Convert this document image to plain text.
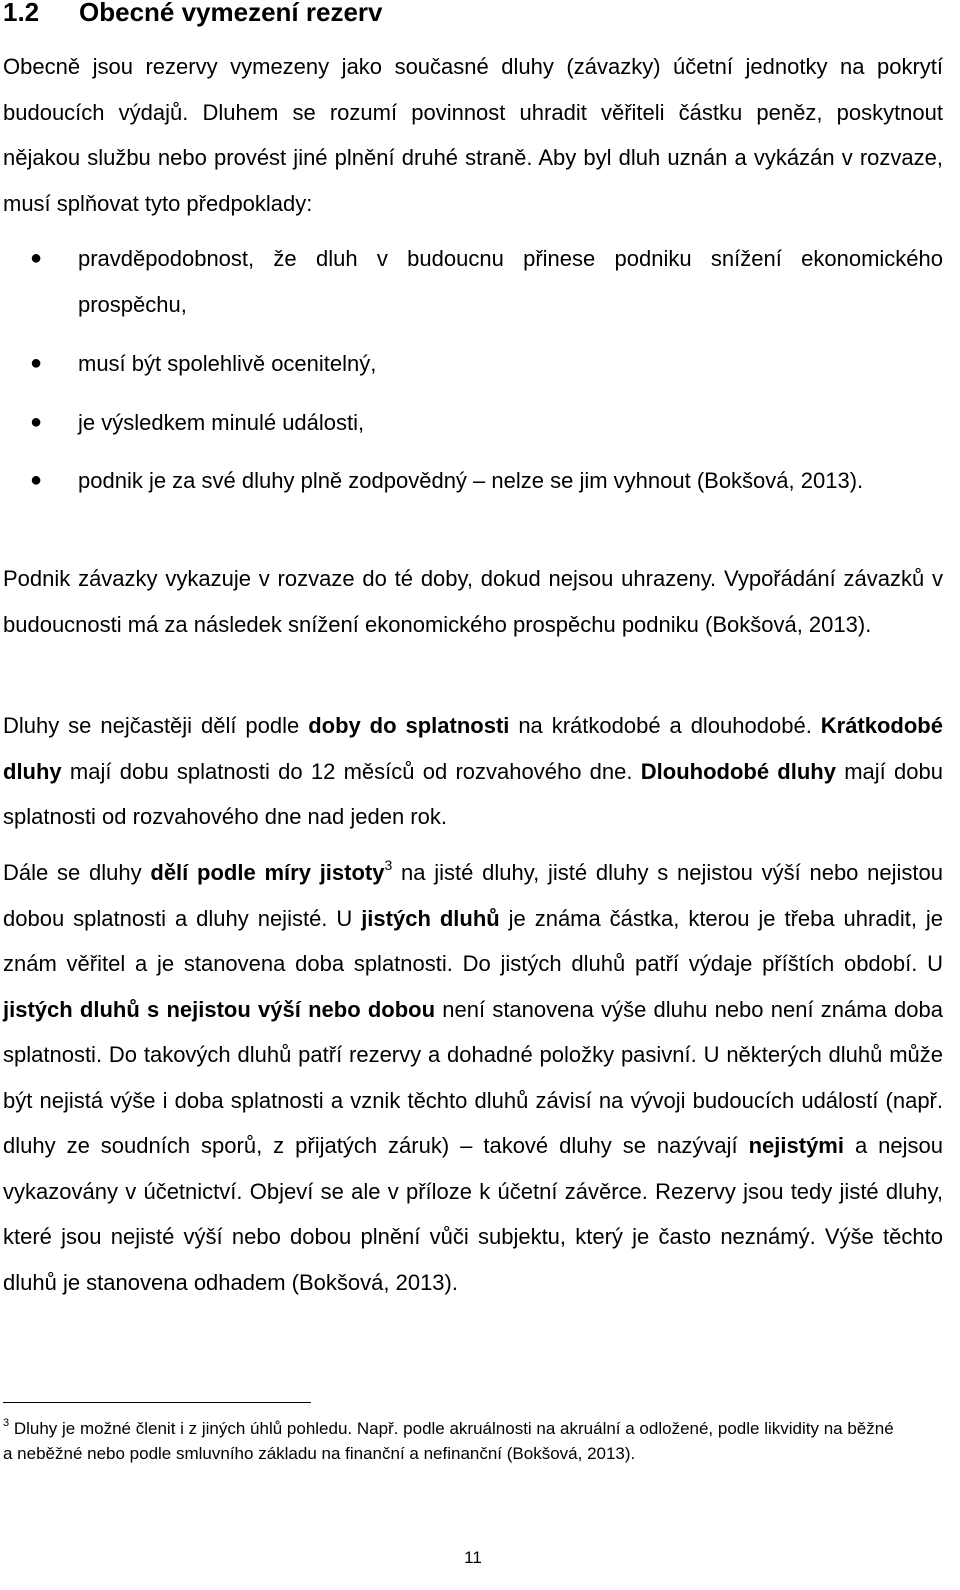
1.2 Obecné vymezení rezerv

Obecně jsou rezervy vymezeny jako současné dluhy (závazky) účetní jednotky na pokrytí budoucích výdajů. Dluhem se rozumí povinnost uhradit věřiteli částku peněz, poskytnout nějakou službu nebo provést jiné plnění druhé straně. Aby byl dluh uznán a vykázán v rozvaze, musí splňovat tyto předpoklady:

● pravděpodobnost, že dluh v budoucnu přinese podniku snížení ekonomického prospěchu,
● musí být spolehlivě ocenitelný,
● je výsledkem minulé události,
● podnik je za své dluhy plně zodpovědný – nelze se jim vyhnout (Bokšová, 2013).

Podnik závazky vykazuje v rozvaze do té doby, dokud nejsou uhrazeny. Vypořádání závazků v budoucnosti má za následek snížení ekonomického prospěchu podniku (Bokšová, 2013).

Dluhy se nejčastěji dělí podle doby do splatnosti na krátkodobé a dlouhodobé. Krátkodobé dluhy mají dobu splatnosti do 12 měsíců od rozvahového dne. Dlouhodobé dluhy mají dobu splatnosti od rozvahového dne nad jeden rok.

Dále se dluhy dělí podle míry jistoty$^3$ na jisté dluhy, jisté dluhy s nejistou výší nebo nejistou dobou splatnosti a dluhy nejisté. U jistých dluhů je známa částka, kterou je třeba uhradit, je znám věřitel a je stanovena doba splatnosti. Do jistých dluhů patří výdaje příštích období. U jistých dluhů s nejistou výší nebo dobou není stanovena výše dluhu nebo není známa doba splatnosti. Do takových dluhů patří rezervy a dohadné položky pasivní. U některých dluhů může být nejistá výše i doba splatnosti a vznik těchto dluhů závisí na vývoji budoucích událostí (např. dluhy ze soudních sporů, z přijatých záruk) – takové dluhy se nazývají nejistými a nejsou vykazovány v účetnictví. Objeví se ale v příloze k účetní závěrce. Rezervy jsou tedy jisté dluhy, které jsou nejisté výší nebo dobou plnění vůči subjektu, který je často neznámý. Výše těchto dluhů je stanovena odhadem (Bokšová, 2013).

$^3$ Dluhy je možné členit i z jiných úhlů pohledu. Např. podle akruálnosti na akruální a odložené, podle likvidity na běžné a neběžné nebo podle smluvního základu na finanční a nefinanční (Bokšová, 2013).

11
